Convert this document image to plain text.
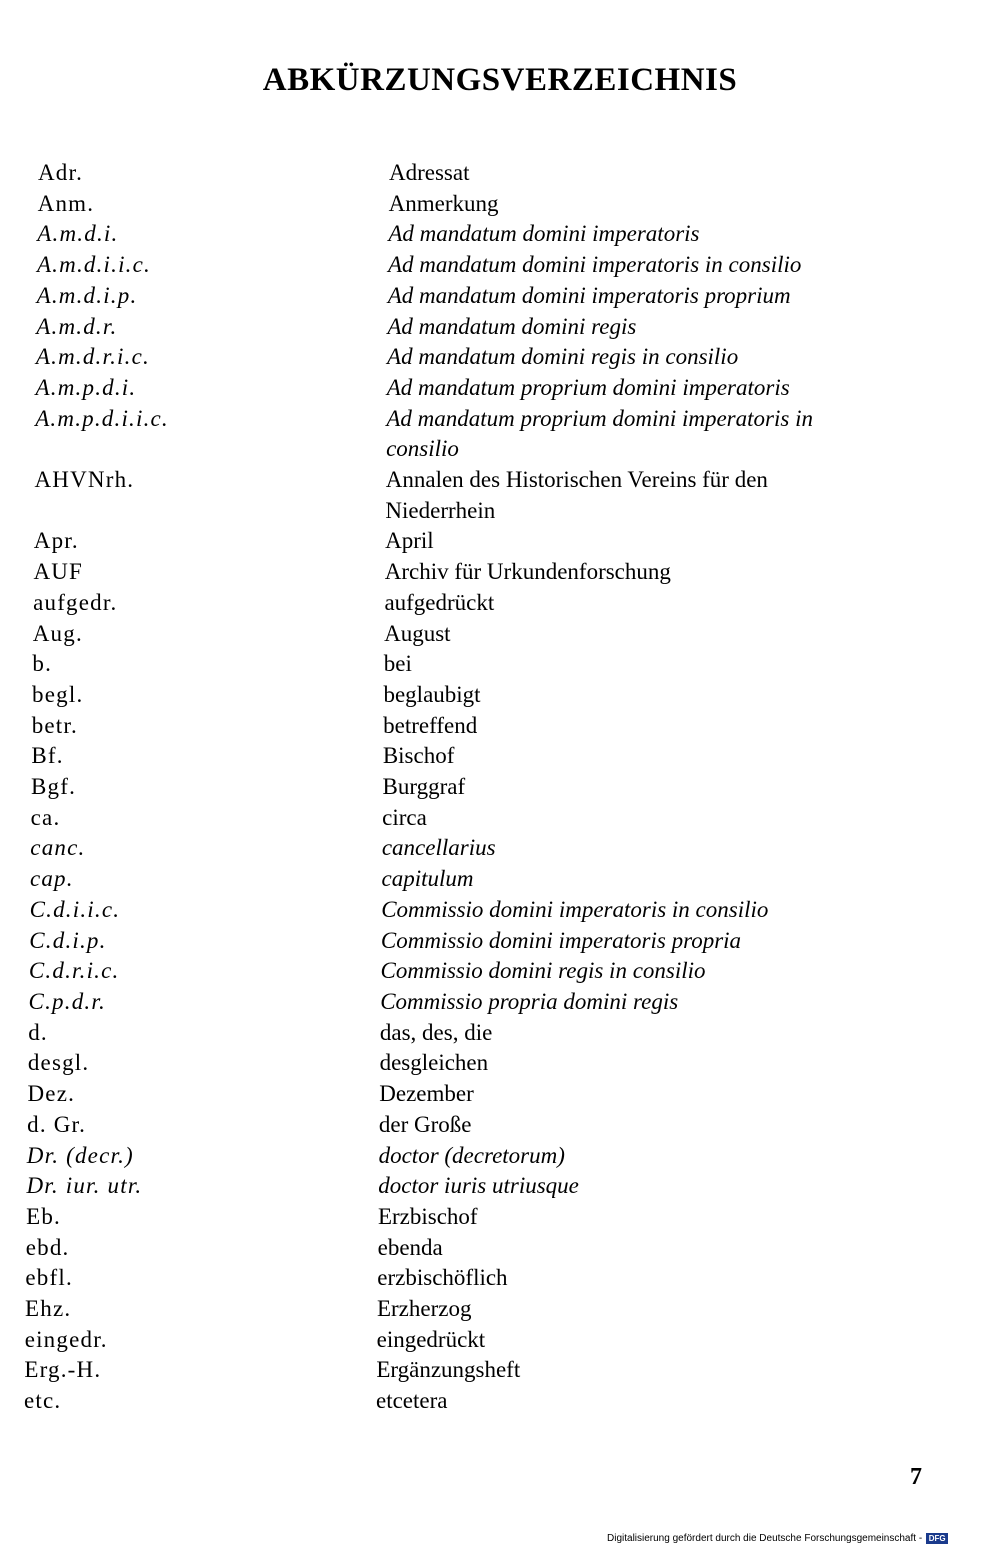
ABKÜRZUNGSVERZEICHNIS
Adr.	Adressat
Anm.	Anmerkung
A.m.d.i.	Ad mandatum domini imperatoris
A.m.d.i.i.c.	Ad mandatum domini imperatoris in consilio
A.m.d.i.p.	Ad mandatum domini imperatoris proprium
A.m.d.r.	Ad mandatum domini regis
A.m.d.r.i.c.	Ad mandatum domini regis in consilio
A.m.p.d.i.	Ad mandatum proprium domini imperatoris
A.m.p.d.i.i.c.	Ad mandatum proprium domini imperatoris in
consilio
AHVNrh.	Annalen des Historischen Vereins für den
Niederrhein
Apr.	April
AUF	Archiv für Urkundenforschung
aufgedr.	aufgedrückt
Aug.	August
b.	bei
begl.	beglaubigt
betr.	betreffend
Bf.	Bischof
Bgf.	Burggraf
ca.	circa
canc.	cancellarius
cap.	capitulum
C.d.i.i.c.	Commissio domini imperatoris in consilio
C.d.i.p.	Commissio domini imperatoris propria
C.d.r.i.c.	Commissio domini regis in consilio
C.p.d.r.	Commissio propria domini regis
d.	das, des, die
desgl.	desgleichen
Dez.	Dezember
d. Gr.	der Große
Dr. (decr.)	doctor (decretorum)
Dr. iur. utr.	doctor iuris utriusque
Eb.	Erzbischof
ebd.	ebenda
ebfl.	erzbischöflich
Ehz.	Erzherzog
eingedr.	eingedrückt
Erg.-H.	Ergänzungsheft
etc.	etcetera
7
Digitalisierung gefördert durch die Deutsche Forschungsgemeinschaft - DFG
